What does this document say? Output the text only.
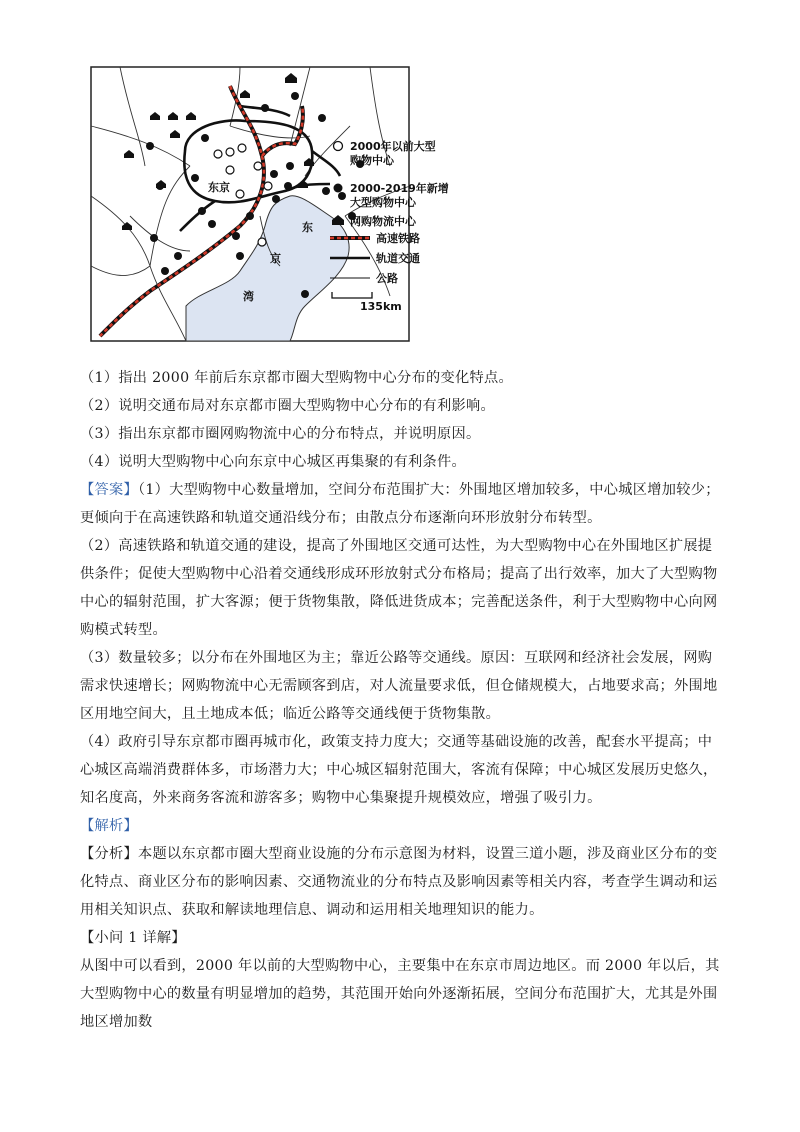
东京
东
京
湾
2000年以前大型 购物中心
2000-2019年新增 大型购物中心
网购物流中心
高速铁路
轨道交通
公路
135km

（1）指出 2000 年前后东京都市圈大型购物中心分布的变化特点。

（2）说明交通布局对东京都市圈大型购物中心分布的有利影响。

（3）指出东京都市圈网购物流中心的分布特点，并说明原因。

（4）说明大型购物中心向东京中心城区再集聚的有利条件。

【答案】（1）大型购物中心数量增加，空间分布范围扩大：外围地区增加较多，中心城区增加较少；更倾向于在高速铁路和轨道交通沿线分布；由散点分布逐渐向环形放射分布转型。

（2）高速铁路和轨道交通的建设，提高了外围地区交通可达性，为大型购物中心在外围地区扩展提供条件；促使大型购物中心沿着交通线形成环形放射式分布格局；提高了出行效率，加大了大型购物中心的辐射范围，扩大客源；便于货物集散，降低进货成本；完善配送条件，利于大型购物中心向网购模式转型。

（3）数量较多；以分布在外围地区为主；靠近公路等交通线。原因：互联网和经济社会发展，网购需求快速增长；网购物流中心无需顾客到店，对人流量要求低，但仓储规模大，占地要求高；外围地区用地空间大，且土地成本低；临近公路等交通线便于货物集散。

（4）政府引导东京都市圈再城市化，政策支持力度大；交通等基础设施的改善，配套水平提高；中心城区高端消费群体多，市场潜力大；中心城区辐射范围大，客流有保障；中心城区发展历史悠久，知名度高，外来商务客流和游客多；购物中心集聚提升规模效应，增强了吸引力。

【解析】

【分析】本题以东京都市圈大型商业设施的分布示意图为材料，设置三道小题，涉及商业区分布的变化特点、商业区分布的影响因素、交通物流业的分布特点及影响因素等相关内容，考查学生调动和运用相关知识点、获取和解读地理信息、调动和运用相关地理知识的能力。

【小问 1 详解】

从图中可以看到，2000 年以前的大型购物中心，主要集中在东京市周边地区。而 2000 年以后，其大型购物中心的数量有明显增加的趋势，其范围开始向外逐渐拓展，空间分布范围扩大，尤其是外围地区增加数
